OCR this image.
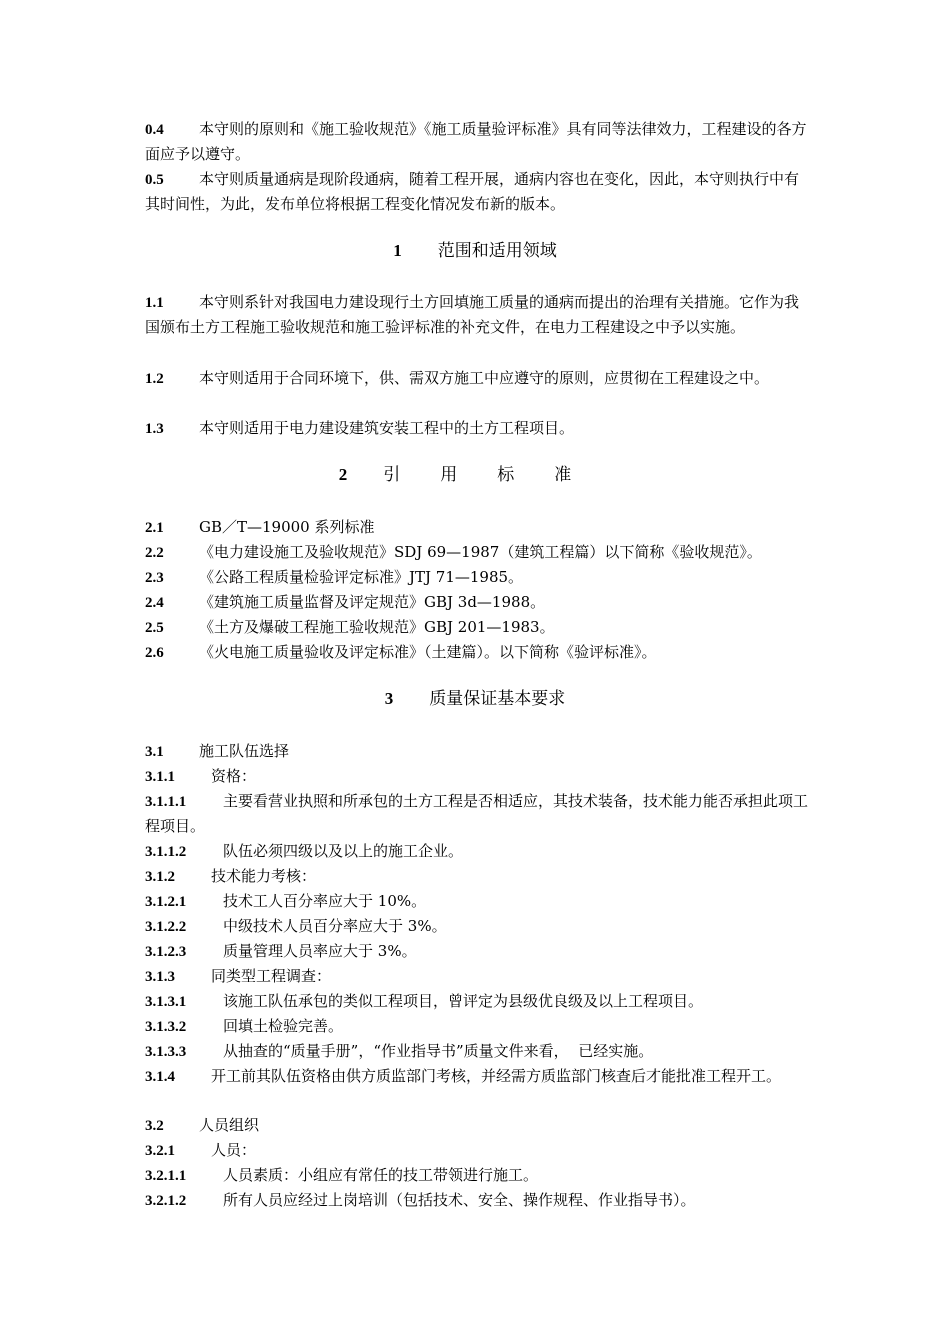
0.4 本守则的原则和《施工验收规范》《施工质量验评标准》具有同等法律效力，工程建设的各方面应予以遵守。
0.5 本守则质量通病是现阶段通病，随着工程开展，通病内容也在变化，因此，本守则执行中有其时间性，为此，发布单位将根据工程变化情况发布新的版本。
1 范围和适用领域
1.1 本守则系针对我国电力建设现行土方回填施工质量的通病而提出的治理有关措施。它作为我国颁布土方工程施工验收规范和施工验评标准的补充文件，在电力工程建设之中予以实施。
1.2 本守则适用于合同环境下，供、需双方施工中应遵守的原则，应贯彻在工程建设之中。
1.3 本守则适用于电力建设建筑安装工程中的土方工程项目。
2 引用标准
2.1 GB／T—19000 系列标准
2.2 《电力建设施工及验收规范》SDJ 69—1987（建筑工程篇）以下简称《验收规范》。
2.3 《公路工程质量检验评定标准》JTJ 71—1985。
2.4 《建筑施工质量监督及评定规范》GBJ 3d—1988。
2.5 《土方及爆破工程施工验收规范》GBJ 201—1983。
2.6 《火电施工质量验收及评定标准》（土建篇）。以下简称《验评标准》。
3 质量保证基本要求
3.1 施工队伍选择
3.1.1 资格：
3.1.1.1 主要看营业执照和所承包的土方工程是否相适应，其技术装备，技术能力能否承担此项工程项目。
3.1.1.2 队伍必须四级以及以上的施工企业。
3.1.2 技术能力考核：
3.1.2.1 技术工人百分率应大于 10%。
3.1.2.2 中级技术人员百分率应大于 3%。
3.1.2.3 质量管理人员率应大于 3%。
3.1.3 同类型工程调查：
3.1.3.1 该施工队伍承包的类似工程项目，曾评定为县级优良级及以上工程项目。
3.1.3.2 回填土检验完善。
3.1.3.3 从抽查的“质量手册”，“作业指导书”质量文件来看，  已经实施。
3.1.4 开工前其队伍资格由供方质监部门考核，并经需方质监部门核查后才能批准工程开工。
3.2 人员组织
3.2.1 人员：
3.2.1.1 人员素质：小组应有常任的技工带领进行施工。
3.2.1.2 所有人员应经过上岗培训（包括技术、安全、操作规程、作业指导书）。
